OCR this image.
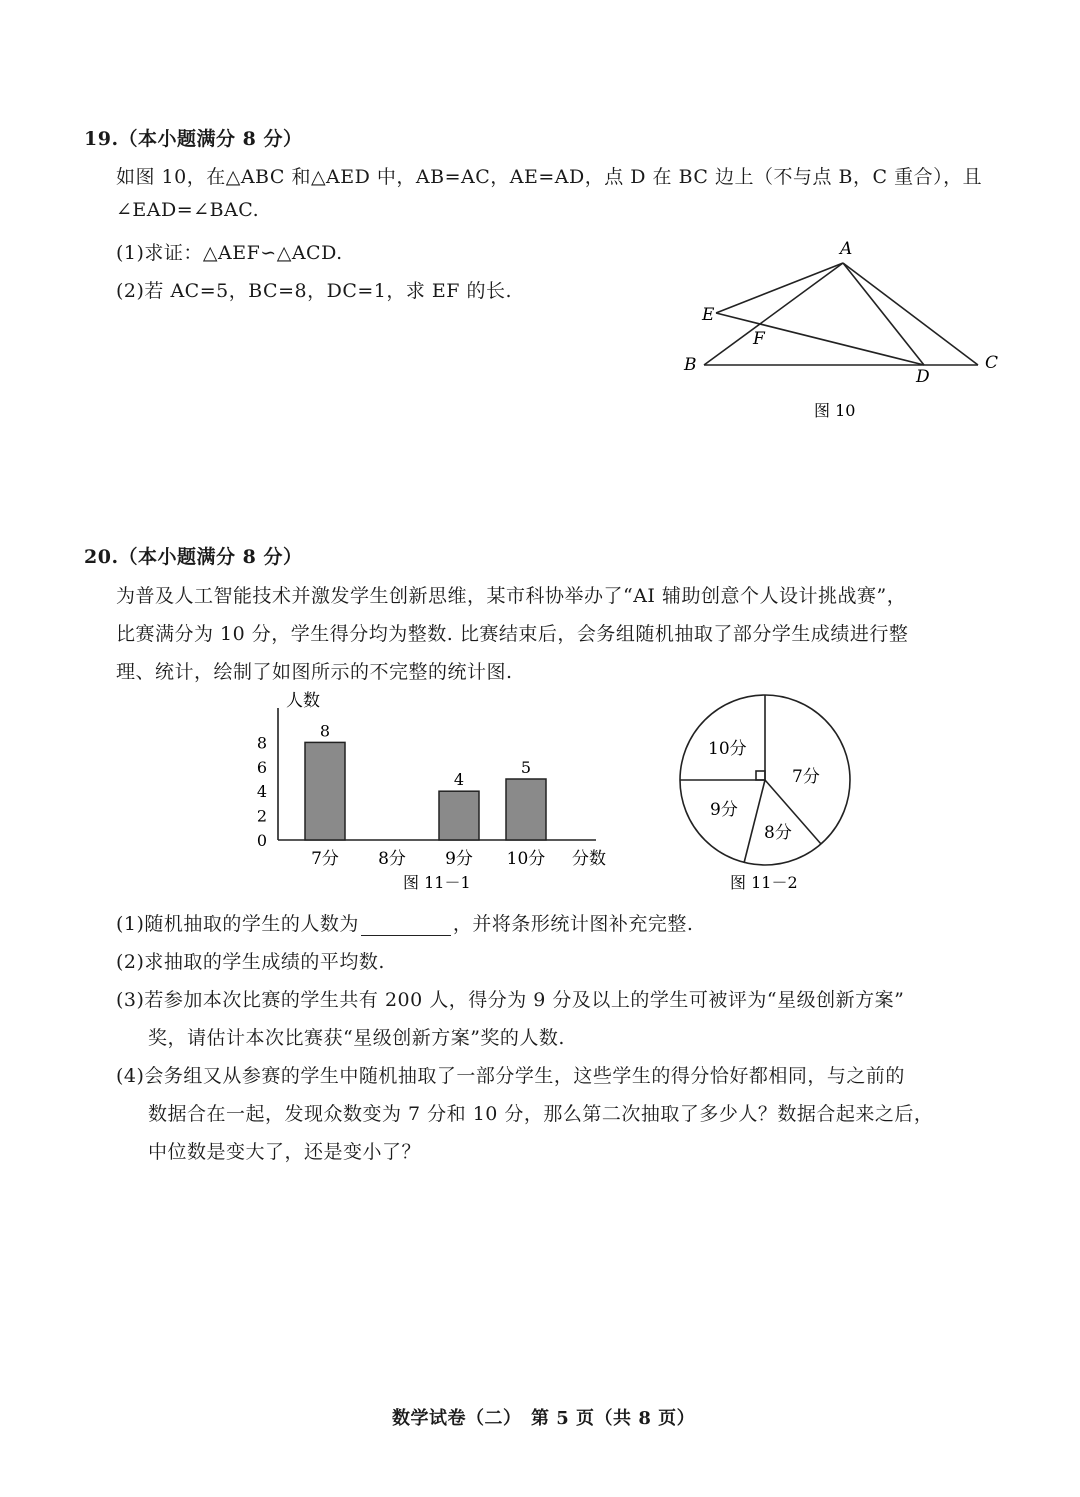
19.（本小题满分 8 分）
如图 10，在△ABC 和△AED 中，AB=AC，AE=AD，点 D 在 BC 边上（不与点 B，C 重合），且
∠EAD=∠BAC.
(1)求证：△AEF∽△ACD.
(2)若 AC=5，BC=8，DC=1，求 EF 的长.
A
B	C
D
E
F
图 10
20.（本小题满分 8 分）
为普及人工智能技术并激发学生创新思维，某市科协举办了“AI 辅助创意个人设计挑战赛”，
比赛满分为 10 分，学生得分均为整数. 比赛结束后，会务组随机抽取了部分学生成绩进行整
理、统计，绘制了如图所示的不完整的统计图.
人数
0
2
4
6
8
8
7分 8分
4
9分
5
10分 分数
图 11－1
10分
7分
9分
8分
图 11－2
(1)随机抽取的学生的人数为	，并将条形统计图补充完整.
(2)求抽取的学生成绩的平均数.
(3)若参加本次比赛的学生共有 200 人，得分为 9 分及以上的学生可被评为“星级创新方案”
奖，请估计本次比赛获“星级创新方案”奖的人数.
(4)会务组又从参赛的学生中随机抽取了一部分学生，这些学生的得分恰好都相同，与之前的
数据合在一起，发现众数变为 7 分和 10 分，那么第二次抽取了多少人？数据合起来之后，
中位数是变大了，还是变小了？
数学试卷（二）　第 5 页（共 8 页）
